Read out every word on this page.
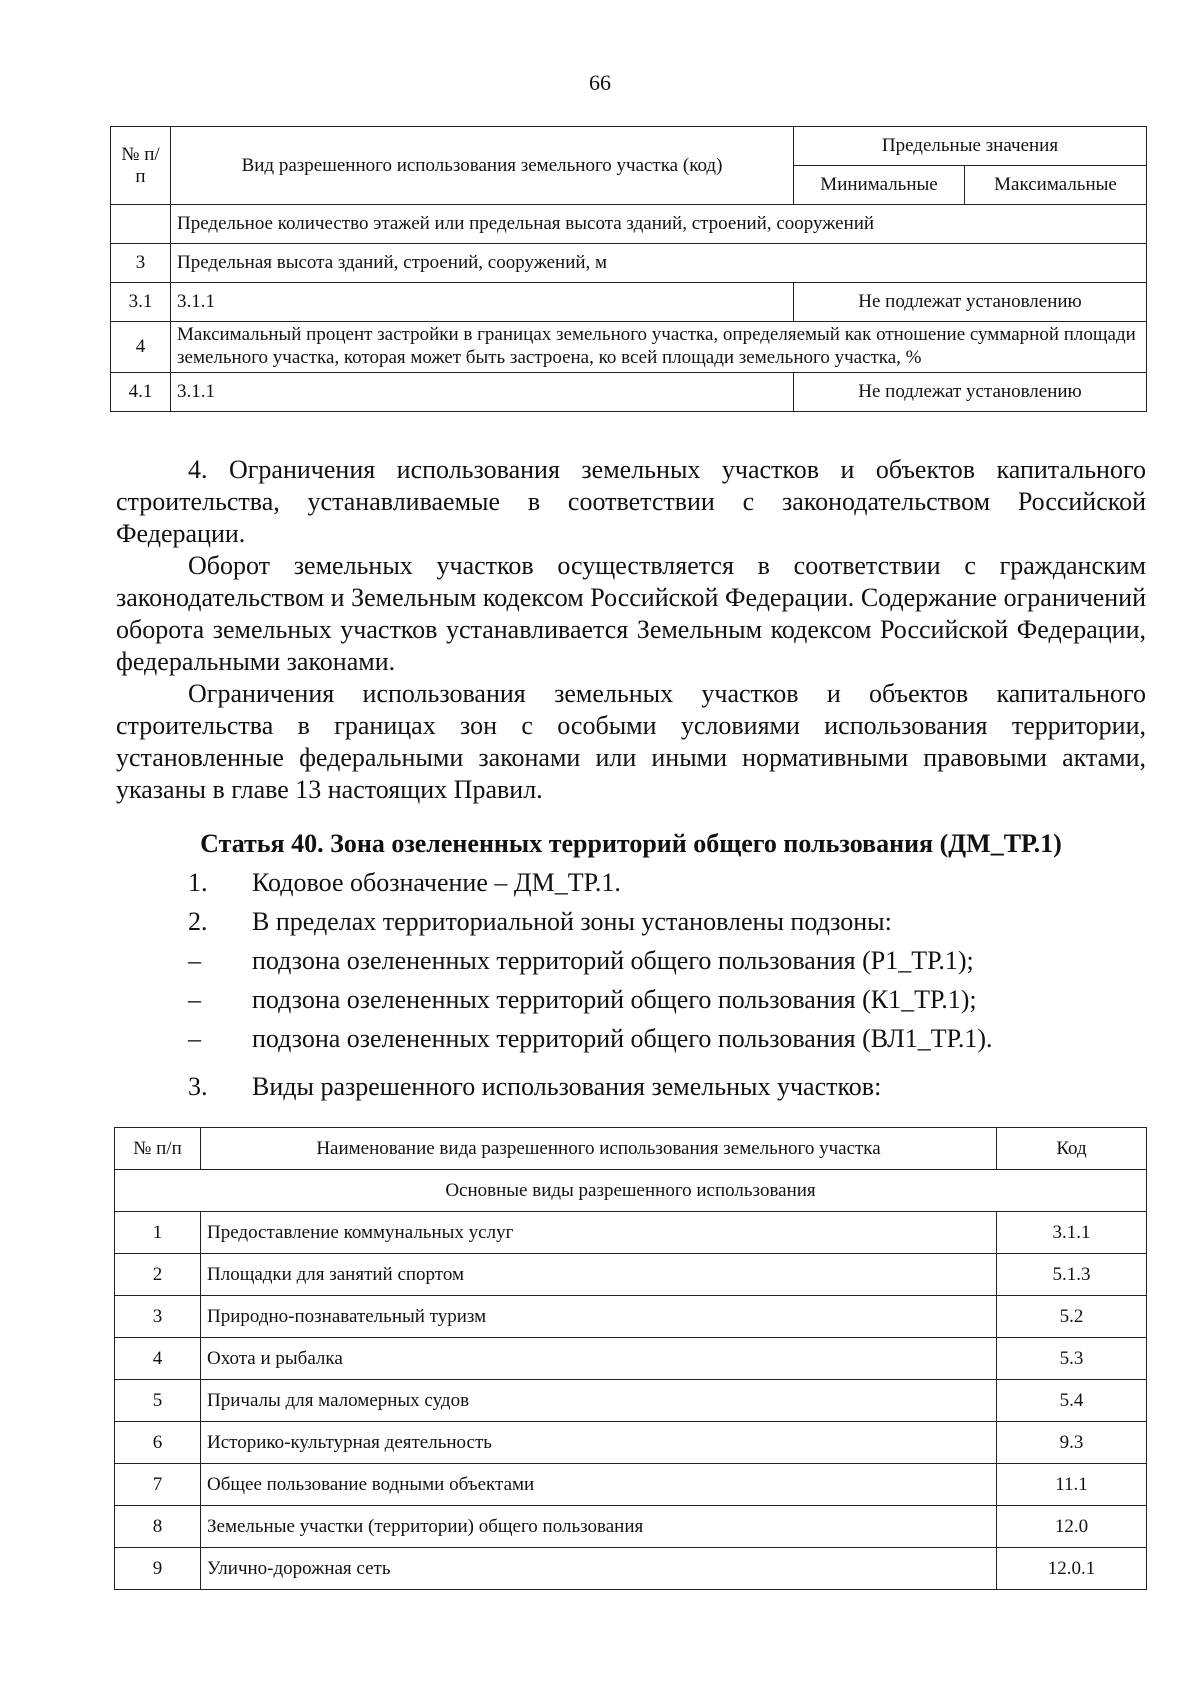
66
№ п/п	Вид разрешенного использования земельного участка (код)	Предельные значения	
		Минимальные	Максимальные
	Предельное количество этажей или предельная высота зданий, строений, сооружений		
3	Предельная высота зданий, строений, сооружений, м		
3.1	3.1.1	Не подлежат установлению	
4	Максимальный процент застройки в границах земельного участка, определяемый как отношение суммарной площади земельного участка, которая может быть застроена, ко всей площади земельного участка, %		
4.1	3.1.1	Не подлежат установлению	

4. Ограничения использования земельных участков и объектов капитального строительства, устанавливаемые в соответствии с законодательством Российской Федерации.

Оборот земельных участков осуществляется в соответствии с гражданским законодательством и Земельным кодексом Российской Федерации. Содержание ограничений оборота земельных участков устанавливается Земельным кодексом Российской Федерации, федеральными законами.

Ограничения использования земельных участков и объектов капитального строительства в границах зон с особыми условиями использования территории, установленные федеральными законами или иными нормативными правовыми актами, указаны в главе 13 настоящих Правил.

Статья 40. Зона озелененных территорий общего пользования (ДМ_ТР.1)

1.	Кодовое обозначение – ДМ_ТР.1.
2.	В пределах территориальной зоны установлены подзоны:
–	подзона озелененных территорий общего пользования (Р1_ТР.1);
–	подзона озелененных территорий общего пользования (К1_ТР.1);
–	подзона озелененных территорий общего пользования (ВЛ1_ТР.1).
3.	Виды разрешенного использования земельных участков:
№ п/п	Наименование вида разрешенного использования земельного участка	Код
Основные виды разрешенного использования		
1	Предоставление коммунальных услуг	3.1.1
2	Площадки для занятий спортом	5.1.3
3	Природно-познавательный туризм	5.2
4	Охота и рыбалка	5.3
5	Причалы для маломерных судов	5.4
6	Историко-культурная деятельность	9.3
7	Общее пользование водными объектами	11.1
8	Земельные участки (территории) общего пользования	12.0
9	Улично-дорожная сеть	12.0.1
